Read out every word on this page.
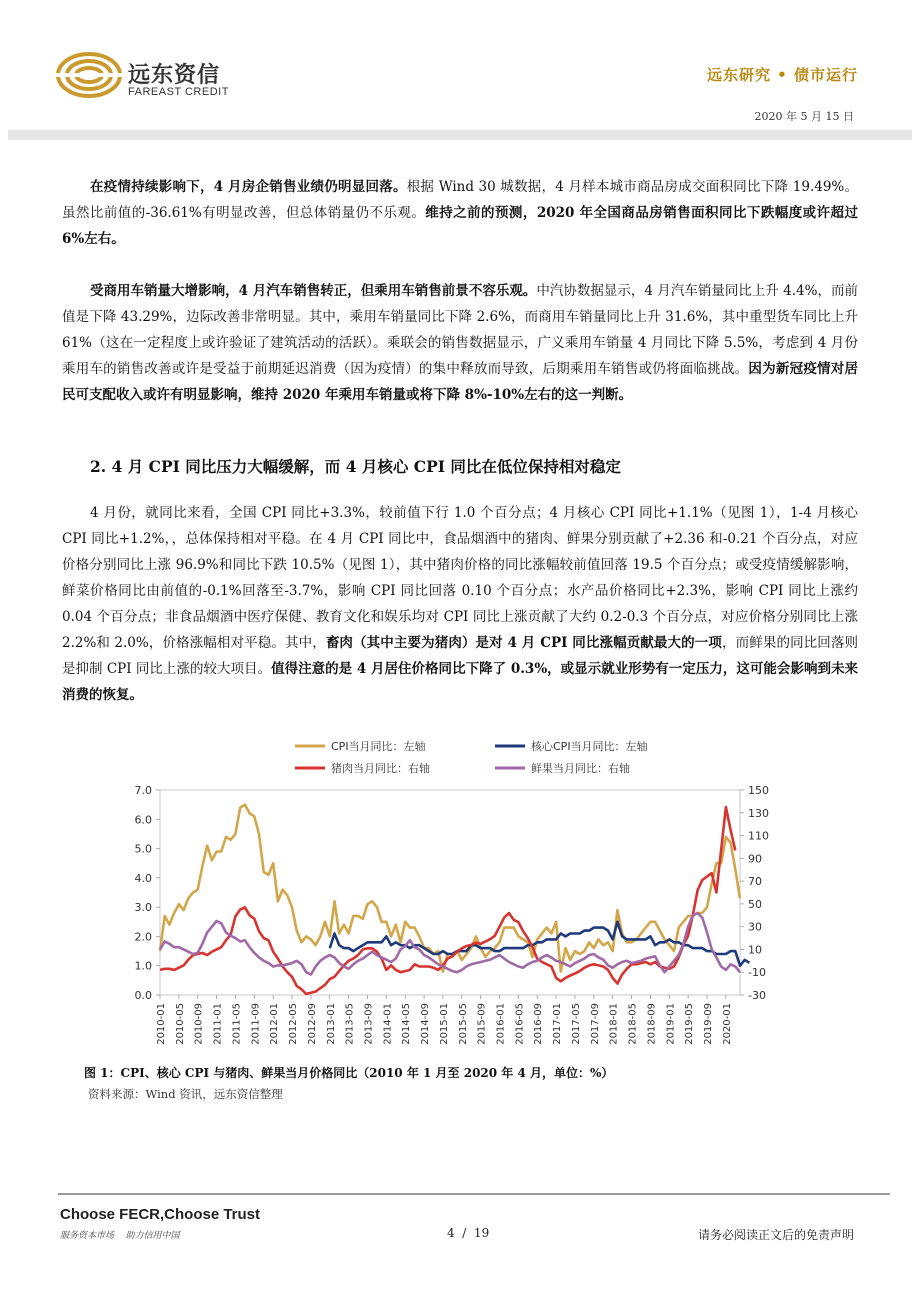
远东资信
FAREAST CREDIT
远东研究 • 债市运行
2020 年 5 月 15 日
在疫情持续影响下，4 月房企销售业绩仍明显回落。根据 Wind 30 城数据，4 月样本城市商品房成交面积同比下降 19.49%。虽然比前值的-36.61%有明显改善，但总体销量仍不乐观。维持之前的预测，2020 年全国商品房销售面积同比下跌幅度或许超过 6%左右。
受商用车销量大增影响，4 月汽车销售转正，但乘用车销售前景不容乐观。中汽协数据显示，4 月汽车销量同比上升 4.4%，而前值是下降 43.29%，边际改善非常明显。其中，乘用车销量同比下降 2.6%，而商用车销量同比上升 31.6%，其中重型货车同比上升 61%（这在一定程度上或许验证了建筑活动的活跃）。乘联会的销售数据显示，广义乘用车销量 4 月同比下降 5.5%，考虑到 4 月份乘用车的销售改善或许是受益于前期延迟消费（因为疫情）的集中释放而导致，后期乘用车销售或仍将面临挑战。因为新冠疫情对居民可支配收入或许有明显影响，维持 2020 年乘用车销量或将下降 8%-10%左右的这一判断。
2. 4 月 CPI 同比压力大幅缓解，而 4 月核心 CPI 同比在低位保持相对稳定
4 月份，就同比来看，全国 CPI 同比+3.3%，较前值下行 1.0 个百分点；4 月核心 CPI 同比+1.1%（见图 1），1-4 月核心 CPI 同比+1.2%，，总体保持相对平稳。在 4 月 CPI 同比中，食品烟酒中的猪肉、鲜果分别贡献了+2.36 和-0.21 个百分点，对应价格分别同比上涨 96.9%和同比下跌 10.5%（见图 1），其中猪肉价格的同比涨幅较前值回落 19.5 个百分点；或受疫情缓解影响，鲜菜价格同比由前值的-0.1%回落至-3.7%，影响 CPI 同比回落 0.10 个百分点；水产品价格同比+2.3%，影响 CPI 同比上涨约 0.04 个百分点；非食品烟酒中医疗保健、教育文化和娱乐均对 CPI 同比上涨贡献了大约 0.2-0.3 个百分点，对应价格分别同比上涨 2.2%和 2.0%，价格涨幅相对平稳。其中，畜肉（其中主要为猪肉）是对 4 月 CPI 同比涨幅贡献最大的一项，而鲜果的同比回落则是抑制 CPI 同比上涨的较大项目。值得注意的是 4 月居住价格同比下降了 0.3%，或显示就业形势有一定压力，这可能会影响到未来消费的恢复。
CPI当月同比：左轴	核心CPI当月同比：左轴
猪肉当月同比：右轴	鲜果当月同比：右轴
0.0
1.0
2.0
3.0
4.0
5.0
6.0
7.0
-30
-10
10
30
50
70
90
110
130
150
2010-01 2010-05 2010-09 2011-01 2011-05 2011-09 2012-01 2012-05 2012-09 2013-01 2013-05 2013-09 2014-01 2014-05 2014-09 2015-01 2015-05 2015-09 2016-01 2016-05 2016-09 2017-01 2017-05 2017-09 2018-01 2018-05 2018-09 2019-01 2019-05 2019-09 2020-01
图 1：CPI、核心 CPI 与猪肉、鲜果当月价格同比（2010 年 1 月至 2020 年 4 月，单位：%）
资料来源：Wind 资讯，远东资信整理
Choose FECR,Choose Trust
服务资本市场    助力信用中国	4  /  19	请务必阅读正文后的免责声明
